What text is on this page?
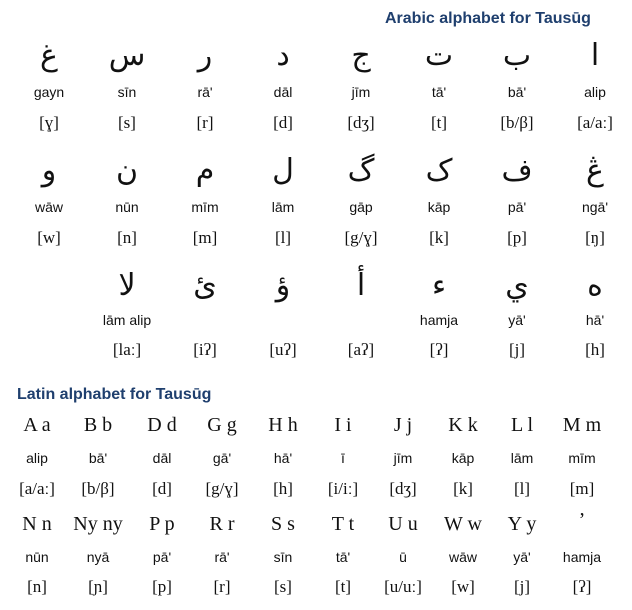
Arabic alphabet for Tausūg
ا
alip
[a/aː]
ب
bā'
[b/β]
ت
tā'
[t]
ج
jīm
[dʒ]
د
dāl
[d]
ر
rā'
[r]
س
sīn
[s]
غ
gayn
[ɣ]
ڠ
ngā'
[ŋ]
ف
pā'
[p]
ک
kāp
[k]
گ
gāp
[g/ɣ]
ل
lām
[l]
م
mīm
[m]
ن
nūn
[n]
و
wāw
[w]
ه
hā'
[h]
ي
yā'
[j]
ء
hamja
[ʔ]
أ
[aʔ]
ؤ
[uʔ]
ئ
[iʔ]
لا
lām alip
[laː]
Latin alphabet for Tausūg
A a
alip
[a/aː]
B b
bā'
[b/β]
D d
dāl
[d]
G g
gā'
[g/ɣ]
H h
hā'
[h]
I i
ī
[i/iː]
J j
jīm
[dʒ]
K k
kāp
[k]
L l
lām
[l]
M m
mīm
[m]
N n
nūn
[n]
Ny ny
nyā
[ɲ]
P p
pā'
[p]
R r
rā'
[r]
S s
sīn
[s]
T t
tā'
[t]
U u
ū
[u/uː]
W w
wāw
[w]
Y y
yā'
[j]
’
hamja
[ʔ]
